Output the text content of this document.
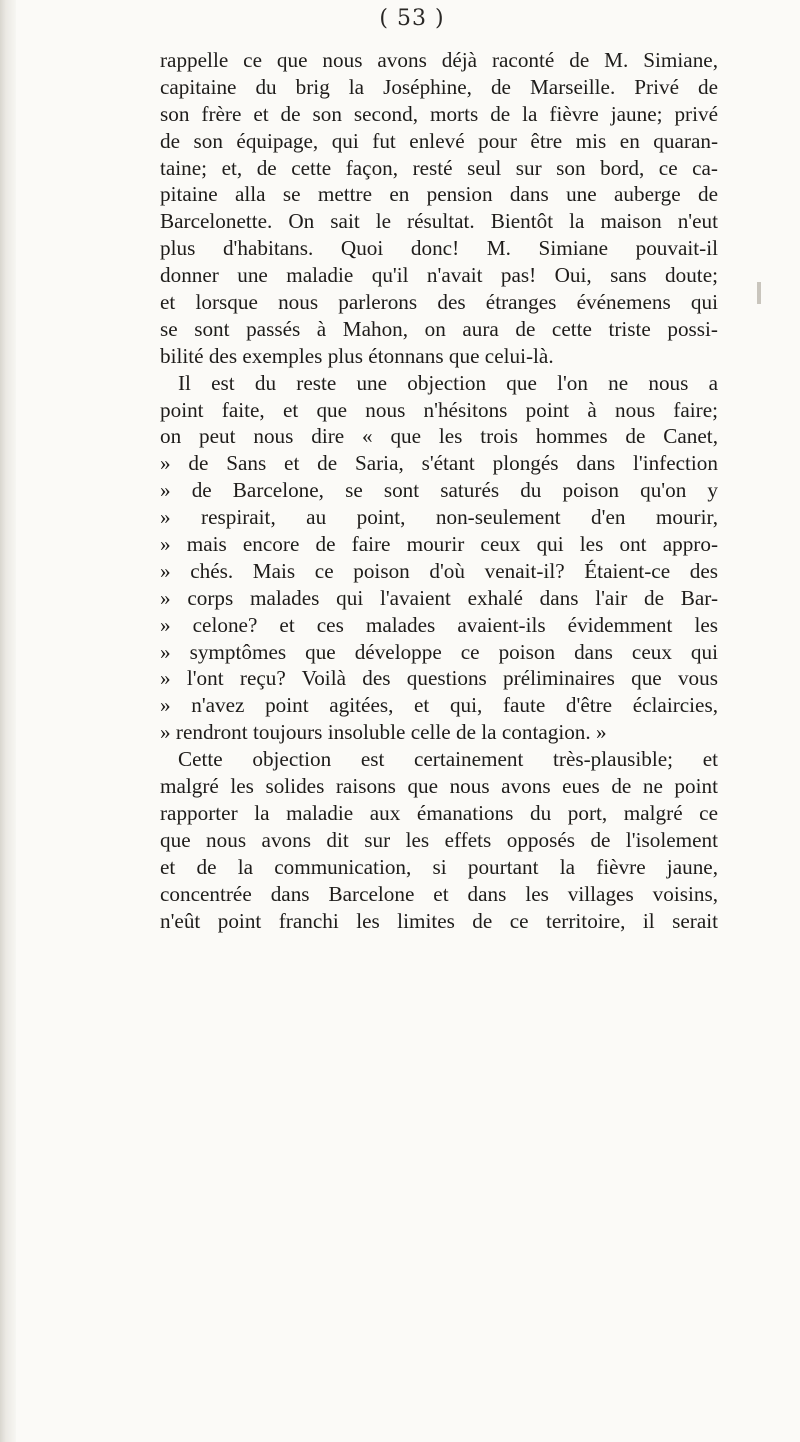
( 53 )
rappelle ce que nous avons déjà raconté de M. Simiane,
capitaine du brig la Joséphine, de Marseille. Privé de
son frère et de son second, morts de la fièvre jaune; privé
de son équipage, qui fut enlevé pour être mis en quaran-
taine; et, de cette façon, resté seul sur son bord, ce ca-
pitaine alla se mettre en pension dans une auberge de
Barcelonette. On sait le résultat. Bientôt la maison n'eut
plus d'habitans. Quoi donc! M. Simiane pouvait-il
donner une maladie qu'il n'avait pas! Oui, sans doute;
et lorsque nous parlerons des étranges événemens qui
se sont passés à Mahon, on aura de cette triste possi-
bilité des exemples plus étonnans que celui-là.
Il est du reste une objection que l'on ne nous a
point faite, et que nous n'hésitons point à nous faire;
on peut nous dire « que les trois hommes de Canet,
» de Sans et de Saria, s'étant plongés dans l'infection
» de Barcelone, se sont saturés du poison qu'on y
» respirait, au point, non-seulement d'en mourir,
» mais encore de faire mourir ceux qui les ont appro-
» chés. Mais ce poison d'où venait-il? Étaient-ce des
» corps malades qui l'avaient exhalé dans l'air de Bar-
» celone? et ces malades avaient-ils évidemment les
» symptômes que développe ce poison dans ceux qui
» l'ont reçu? Voilà des questions préliminaires que vous
» n'avez point agitées, et qui, faute d'être éclaircies,
» rendront toujours insoluble celle de la contagion. »
Cette objection est certainement très-plausible; et
malgré les solides raisons que nous avons eues de ne point
rapporter la maladie aux émanations du port, malgré ce
que nous avons dit sur les effets opposés de l'isolement
et de la communication, si pourtant la fièvre jaune,
concentrée dans Barcelone et dans les villages voisins,
n'eût point franchi les limites de ce territoire, il serait
